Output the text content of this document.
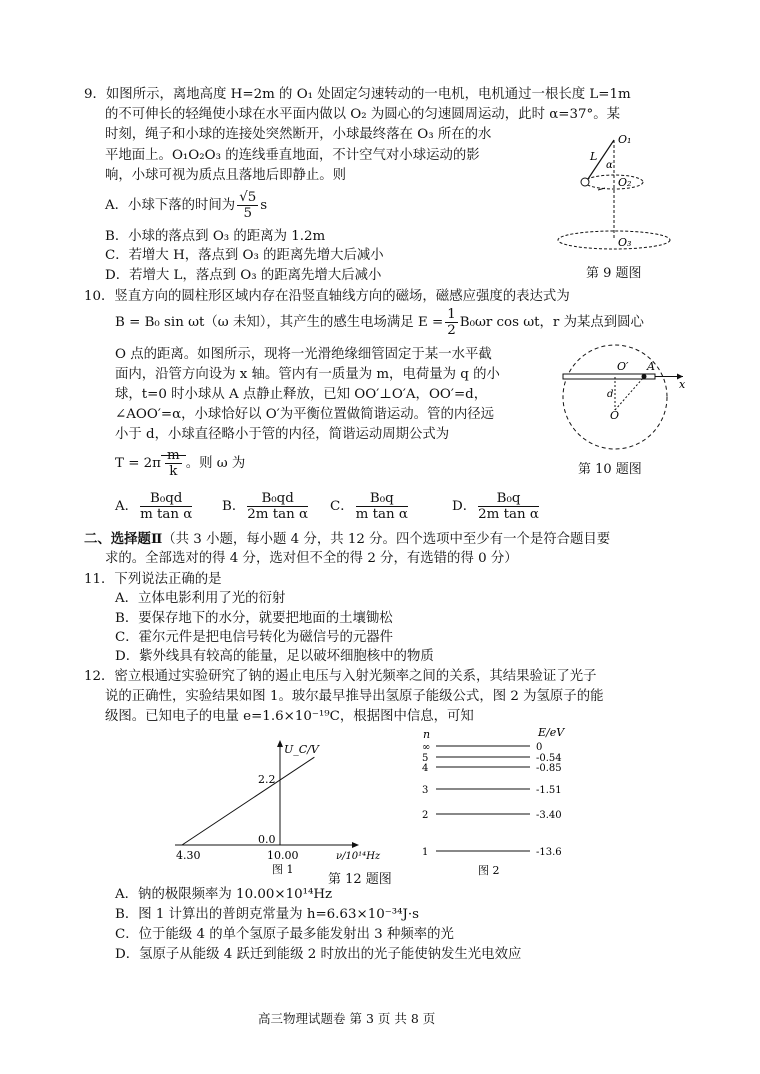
9．如图所示，离地高度 H=2m 的 O₁ 处固定匀速转动的一电机，电机通过一根长度 L=1m
的不可伸长的轻绳使小球在水平面内做以 O₂ 为圆心的匀速圆周运动，此时 α=37°。某
时刻，绳子和小球的连接处突然断开，小球最终落在 O₃ 所在的水
平地面上。O₁O₂O₃ 的连线垂直地面，不计空气对小球运动的影
响，小球可视为质点且落地后即静止。则
A．小球下落的时间为 $\frac{√5}{5}$ s
B．小球的落点到 O₃ 的距离为 1.2m
C．若增大 H，落点到 O₃ 的距离先增大后减小
D．若增大 L，落点到 O₃ 的距离先增大后减小
O₁
L
α
O₂
O₃
第 9 题图
10．竖直方向的圆柱形区域内存在沿竖直轴线方向的磁场，磁感应强度的表达式为
B = B₀ sin ωt（ω 未知），其产生的感生电场满足 $E = \frac{1}{2} B_0\omega r$ cos ωt，r 为某点到圆心
O 点的距离。如图所示，现将一光滑绝缘细管固定于某一水平截
面内，沿管方向设为 x 轴。管内有一质量为 m，电荷量为 q 的小
球，t=0 时小球从 A 点静止释放，已知 OO′⊥O′A，OO′=d，
∠AOO′=α，小球恰好以 O′为平衡位置做简谐运动。管的内径远
小于 d，小球直径略小于管的内径，简谐运动周期公式为
$T = 2\pi \frac{m}{k}$ 。则 ω 为
O
O′ A
d
x
第 10 题图
A． $\frac{\text{B₀qd}}{\text{m tan α}}$ B． $\frac{\text{B₀qd}}{\text{2m tan α}}$ C． $\frac{\text{B₀q}}{\text{m tan α}}$	D． $\frac{\text{B₀q}}{\text{2m tan α}}$
二、选择题Ⅱ（共 3 小题，每小题 4 分，共 12 分。四个选项中至少有一个是符合题目要
求的。全部选对的得 4 分，选对但不全的得 2 分，有选错的得 0 分）
11．下列说法正确的是
A．立体电影利用了光的衍射
B．要保存地下的水分，就要把地面的土壤锄松
C．霍尔元件是把电信号转化为磁信号的元器件
D．紫外线具有较高的能量，足以破坏细胞核中的物质
12．密立根通过实验研究了钠的遏止电压与入射光频率之间的关系，其结果验证了光子
说的正确性，实验结果如图 1。玻尔最早推导出氢原子能级公式，图 2 为氢原子的能
级图。已知电子的电量 e=1.6×10⁻¹⁹C，根据图中信息，可知
U_C/V
2.2
0.0
4.30	10.00	ν/10¹⁴Hz
图 1
n	E/eV
∞	0
5	-0.54
4	-0.85
3	-1.51
2	-3.40
1	-13.6
图 2
第 12 题图
A．钠的极限频率为 10.00×10¹⁴Hz
B．图 1 计算出的普朗克常量为 h=6.63×10⁻³⁴J·s
C．位于能级 4 的单个氢原子最多能发射出 3 种频率的光
D．氢原子从能级 4 跃迁到能级 2 时放出的光子能使钠发生光电效应
高三物理试题卷 第 3 页 共 8 页
